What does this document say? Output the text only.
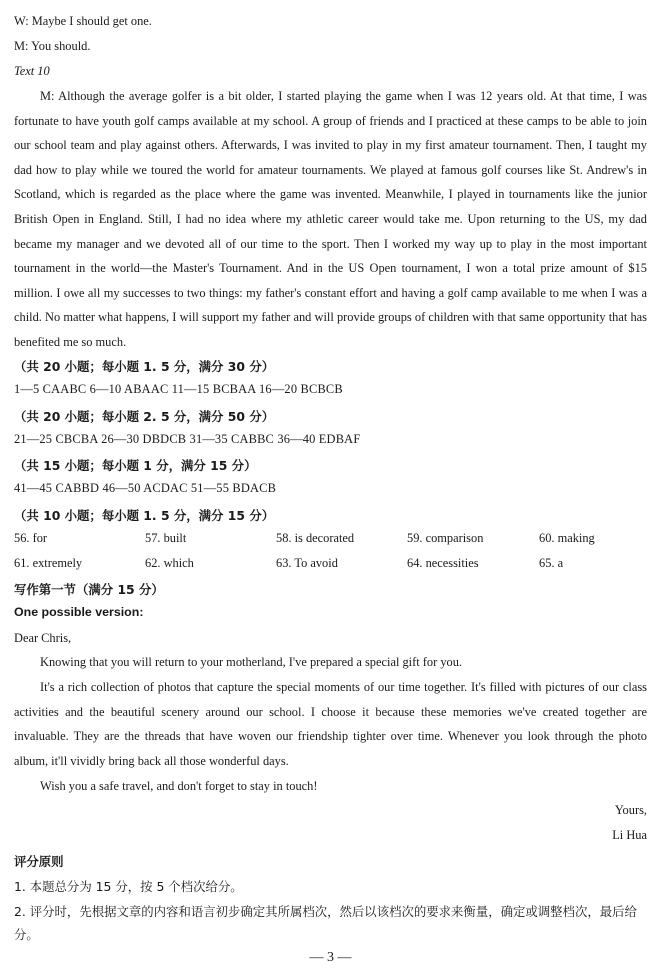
W: Maybe I should get one.
M: You should.
Text 10

M: Although the average golfer is a bit older, I started playing the game when I was 12 years old. At that time, I was fortunate to have youth golf camps available at my school. A group of friends and I practiced at these camps to be able to join our school team and play against others. Afterwards, I was invited to play in my first amateur tournament. Then, I taught my dad how to play while we toured the world for amateur tournaments. We played at famous golf courses like St. Andrew's in Scotland, which is regarded as the place where the game was invented. Meanwhile, I played in tournaments like the junior British Open in England. Still, I had no idea where my athletic career would take me. Upon returning to the US, my dad became my manager and we devoted all of our time to the sport. Then I worked my way up to play in the most important tournament in the world—the Master's Tournament. And in the US Open tournament, I won a total prize amount of $15 million. I owe all my successes to two things: my father's constant effort and having a golf camp available to me when I was a child. No matter what happens, I will support my father and will provide groups of children with that same opportunity that has benefited me so much.

（共 20 小题；每小题 1. 5 分，满分 30 分）
1—5 CAABC 6—10 ABAAC 11—15 BCBAA 16—20 BCBCB
（共 20 小题；每小题 2. 5 分，满分 50 分）
21—25 CBCBA 26—30 DBDCB 31—35 CABBC 36—40 EDBAF
（共 15 小题；每小题 1 分，满分 15 分）
41—45 CABBD 46—50 ACDAC 51—55 BDACB
（共 10 小题；每小题 1. 5 分，满分 15 分）
56. for	57. built	58. is decorated	59. comparison	60. making
61. extremely	62. which	63. To avoid	64. necessities	65. a
写作第一节（满分 15 分）
One possible version:
Dear Chris,

Knowing that you will return to your motherland, I've prepared a special gift for you.

It's a rich collection of photos that capture the special moments of our time together. It's filled with pictures of our class activities and the beautiful scenery around our school. I choose it because these memories we've created together are invaluable. They are the threads that have woven our friendship tighter over time. Whenever you look through the photo album, it'll vividly bring back all those wonderful days.

Wish you a safe travel, and don't forget to stay in touch!

Yours,
Li Hua
评分原则
1. 本题总分为 15 分，按 5 个档次给分。
2. 评分时，先根据文章的内容和语言初步确定其所属档次，然后以该档次的要求来衡量，确定或调整档次，最后给分。
— 3 —
